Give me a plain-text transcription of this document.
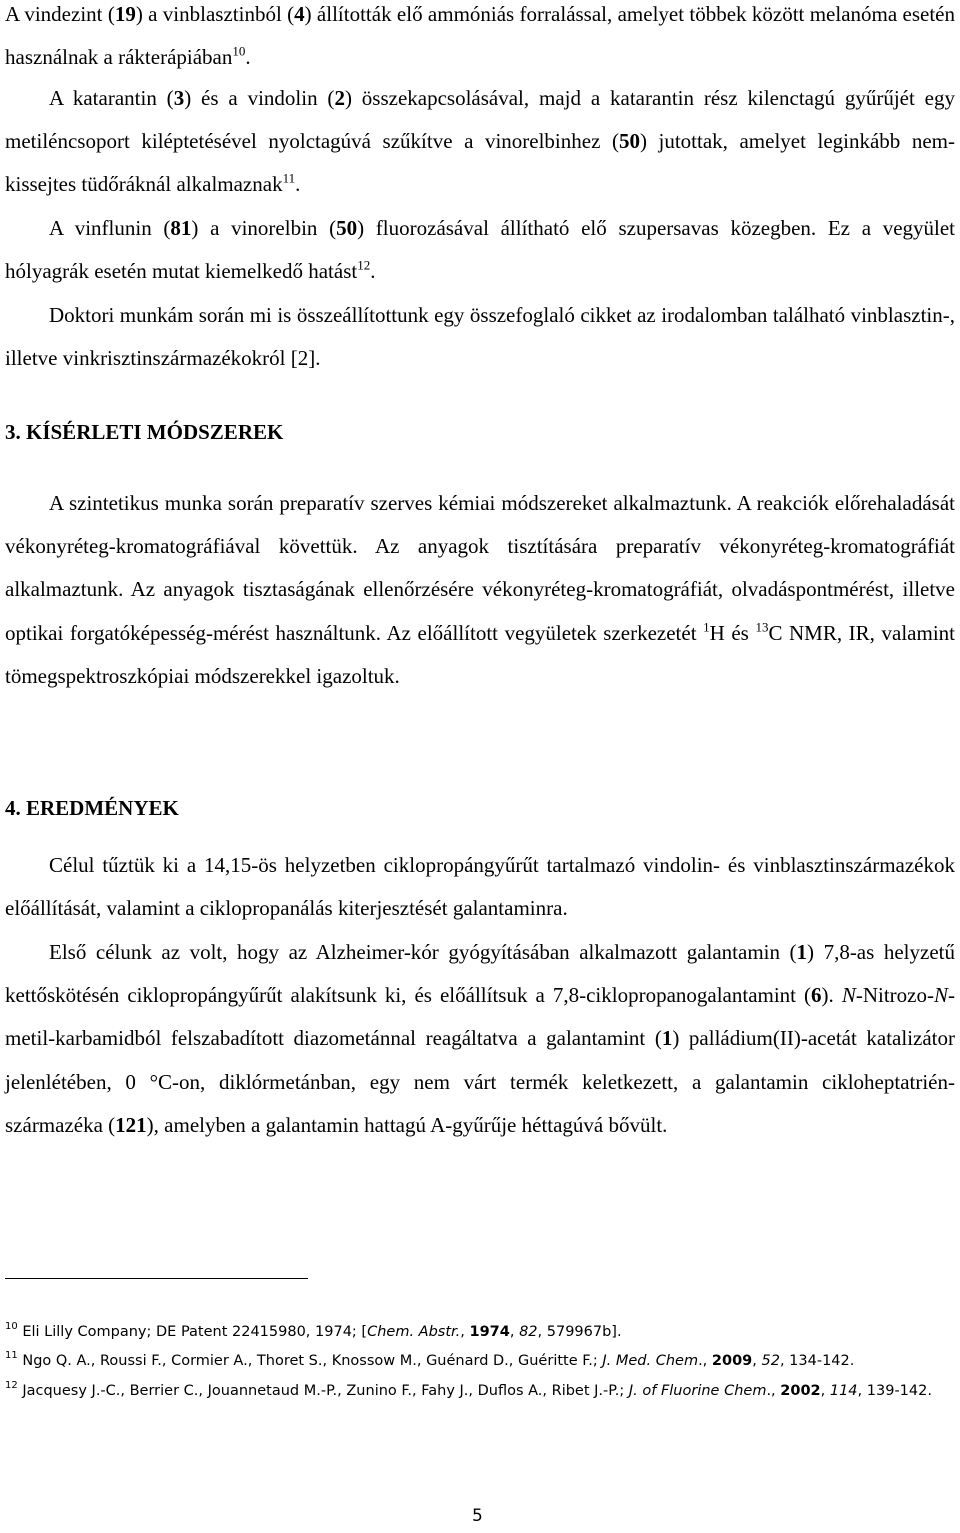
A vindezint (19) a vinblasztinból (4) állították elő ammóniás forralással, amelyet többek között melanóma esetén használnak a rákterápiában$^{10}$.

A katarantin (3) és a vindolin (2) összekapcsolásával, majd a katarantin rész kilenctagú gyűrűjét egy metiléncsoport kiléptetésével nyolctagúvá szűkítve a vinorelbinhez (50) jutottak, amelyet leginkább nem-kissejtes tüdőráknál alkalmaznak$^{11}$.

A vinflunin (81) a vinorelbin (50) fluorozásával állítható elő szupersavas közegben. Ez a vegyület hólyagrák esetén mutat kiemelkedő hatást$^{12}$.

Doktori munkám során mi is összeállítottunk egy összefoglaló cikket az irodalomban található vinblasztin-, illetve vinkrisztinszármazékokról [2].

3. KÍSÉRLETI MÓDSZEREK

A szintetikus munka során preparatív szerves kémiai módszereket alkalmaztunk. A reakciók előrehaladását vékonyréteg-kromatográfiával követtük. Az anyagok tisztítására preparatív vékonyréteg-kromatográfiát alkalmaztunk. Az anyagok tisztaságának ellenőrzésére vékonyréteg-kromatográfiát, olvadáspontmérést, illetve optikai forgatóképesség-mérést használtunk. Az előállított vegyületek szerkezetét $^1$H és $^{13}$C NMR, IR, valamint tömegspektroszkópiai módszerekkel igazoltuk.

4. EREDMÉNYEK

Célul tűztük ki a 14,15-ös helyzetben ciklopropángyűrűt tartalmazó vindolin- és vinblasztinszármazékok előállítását, valamint a ciklopropanálás kiterjesztését galantaminra.

Első célunk az volt, hogy az Alzheimer-kór gyógyításában alkalmazott galantamin (1) 7,8-as helyzetű kettőskötésén ciklopropángyűrűt alakítsunk ki, és előállítsuk a 7,8-ciklopropanogalantamint (6). N-Nitrozo-N-metil-karbamidból felszabadított diazometánnal reagáltatva a galantamint (1) palládium(II)-acetát katalizátor jelenlétében, 0 °C-on, diklórmetánban, egy nem várt termék keletkezett, a galantamin cikloheptatrién-származéka (121), amelyben a galantamin hattagú A-gyűrűje héttagúvá bővült.

$^{10}$ Eli Lilly Company; DE Patent 22415980, 1974; [Chem. Abstr., 1974, 82, 579967b].

$^{11}$ Ngo Q. A., Roussi F., Cormier A., Thoret S., Knossow M., Guénard D., Guéritte F.; J. Med. Chem., 2009, 52, 134-142.

$^{12}$ Jacquesy J.-C., Berrier C., Jouannetaud M.-P., Zunino F., Fahy J., Duflos A., Ribet J.-P.; J. of Fluorine Chem., 2002, 114, 139-142.

5
